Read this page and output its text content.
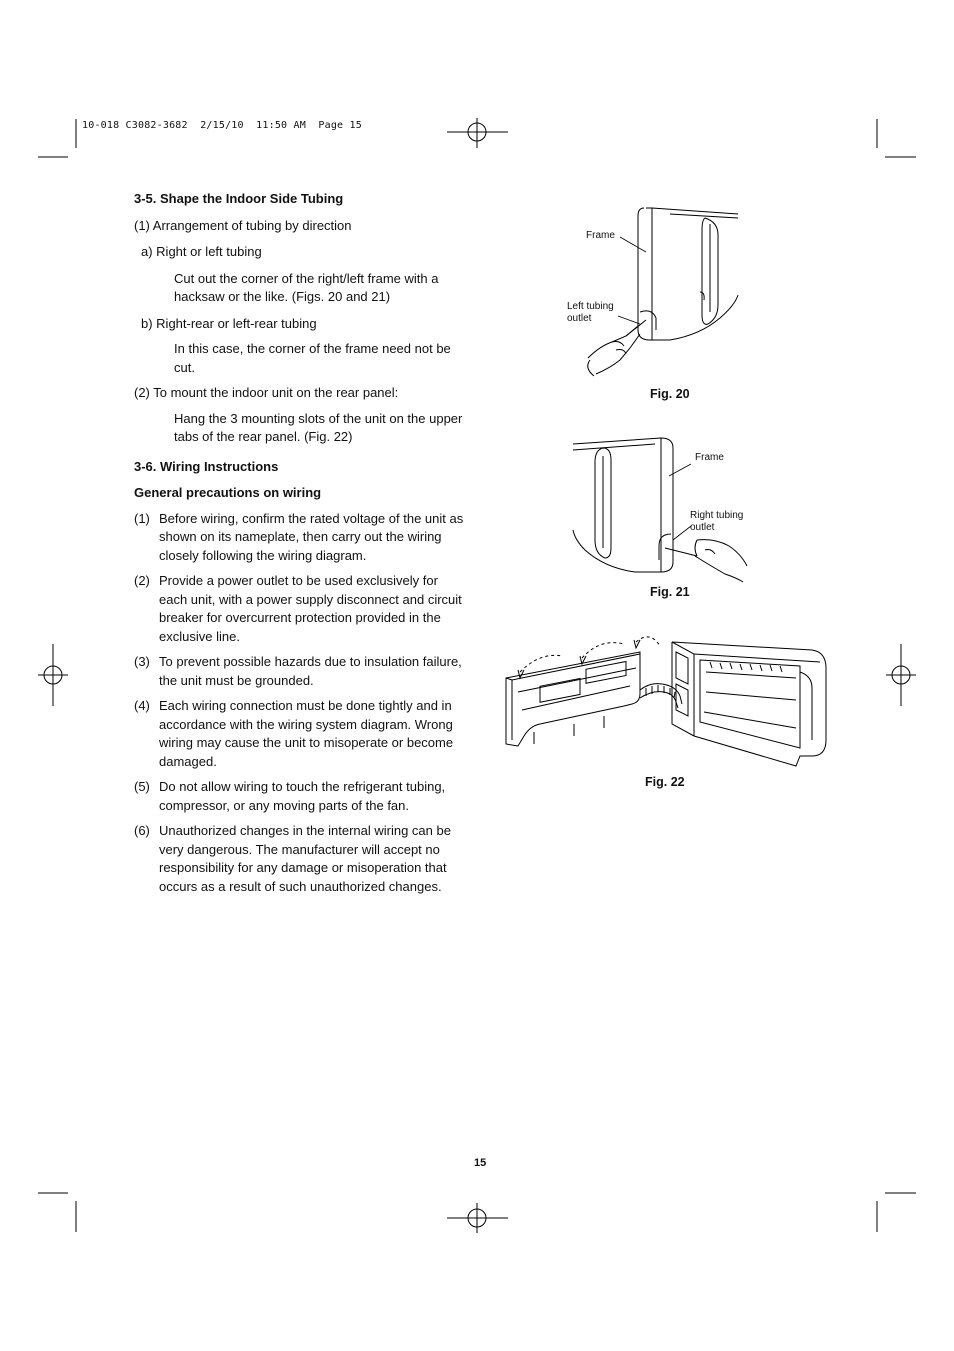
10-018 C3082-3682  2/15/10  11:50 AM  Page 15

3-5. Shape the Indoor Side Tubing

(1) Arrangement of tubing by direction

a) Right or left tubing

Cut out the corner of the right/left frame with a hacksaw or the like. (Figs. 20 and 21)

b) Right-rear or left-rear tubing

In this case, the corner of the frame need not be cut.

(2) To mount the indoor unit on the rear panel:

Hang the 3 mounting slots of the unit on the upper tabs of the rear panel. (Fig. 22)

3-6. Wiring Instructions

General precautions on wiring

(1) Before wiring, confirm the rated voltage of the unit as shown on its nameplate, then carry out the wiring closely following the wiring diagram.
(2) Provide a power outlet to be used exclusively for each unit, with a power supply disconnect and circuit breaker for overcurrent protection provided in the exclusive line.
(3) To prevent possible hazards due to insulation failure, the unit must be grounded.
(4) Each wiring connection must be done tightly and in accordance with the wiring system diagram. Wrong wiring may cause the unit to misoperate or become damaged.
(5) Do not allow wiring to touch the refrigerant tubing, compressor, or any moving parts of the fan.
(6) Unauthorized changes in the internal wiring can be very dangerous. The manufacturer will accept no responsibility for any damage or misoperation that occurs as a result of such unauthorized changes.
Frame
Left tubing
outlet
Fig. 20
Frame
Right tubing
outlet
Fig. 21
Fig. 22
15
